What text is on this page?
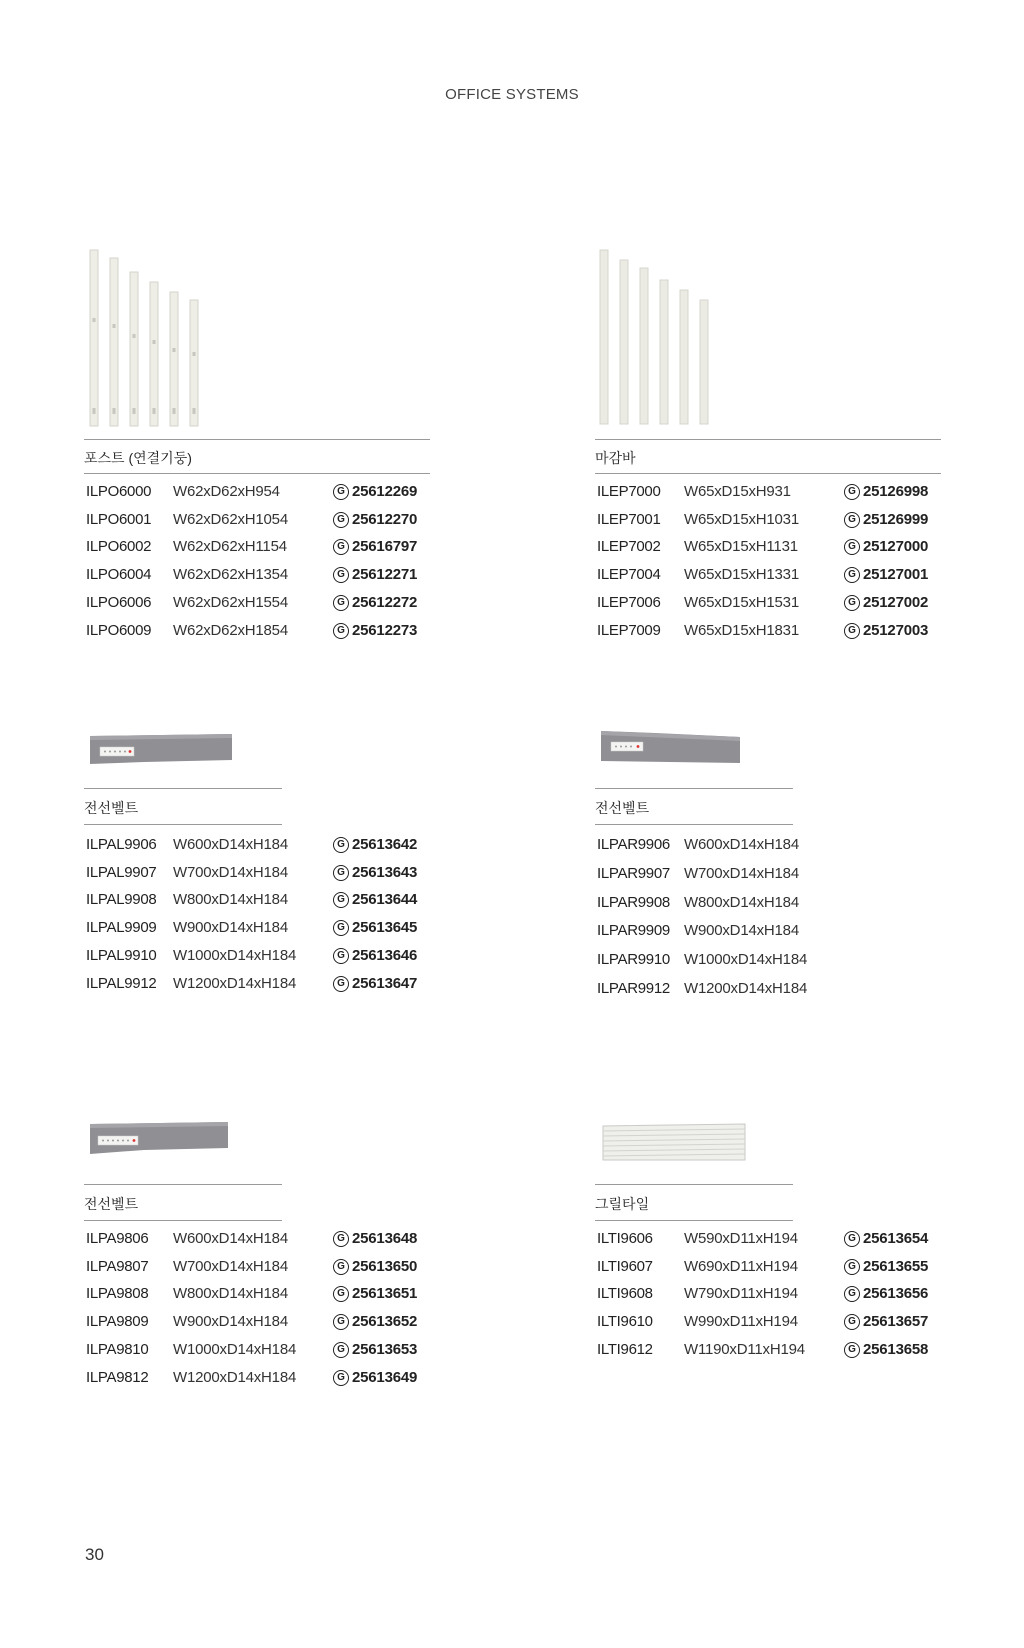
OFFICE SYSTEMS
포스트 (연결기둥)
ILPO6000 W62xD62xH954	G 25612269
ILPO6001 W62xD62xH1054	G 25612270
ILPO6002 W62xD62xH1154	G 25616797
ILPO6004 W62xD62xH1354	G 25612271
ILPO6006 W62xD62xH1554	G 25612272
ILPO6009 W62xD62xH1854	G 25612273
마감바
ILEP7000 W65xD15xH931	G 25126998
ILEP7001 W65xD15xH1031	G 25126999
ILEP7002 W65xD15xH1131	G 25127000
ILEP7004 W65xD15xH1331	G 25127001
ILEP7006 W65xD15xH1531	G 25127002
ILEP7009 W65xD15xH1831	G 25127003
전선벨트
ILPAL9906 W600xD14xH184	G 25613642
ILPAL9907 W700xD14xH184	G 25613643
ILPAL9908 W800xD14xH184	G 25613644
ILPAL9909 W900xD14xH184	G 25613645
ILPAL9910 W1000xD14xH184	G 25613646
ILPAL9912 W1200xD14xH184	G 25613647
전선벨트
ILPAR9906 W600xD14xH184
ILPAR9907 W700xD14xH184
ILPAR9908 W800xD14xH184
ILPAR9909 W900xD14xH184
ILPAR9910 W1000xD14xH184
ILPAR9912 W1200xD14xH184
전선벨트
ILPA9806 W600xD14xH184	G 25613648
ILPA9807 W700xD14xH184	G 25613650
ILPA9808 W800xD14xH184	G 25613651
ILPA9809 W900xD14xH184	G 25613652
ILPA9810 W1000xD14xH184	G 25613653
ILPA9812 W1200xD14xH184	G 25613649
그릴타일
ILTI9606 W590xD11xH194	G 25613654
ILTI9607 W690xD11xH194	G 25613655
ILTI9608 W790xD11xH194	G 25613656
ILTI9610 W990xD11xH194	G 25613657
ILTI9612 W1190xD11xH194	G 25613658
30
